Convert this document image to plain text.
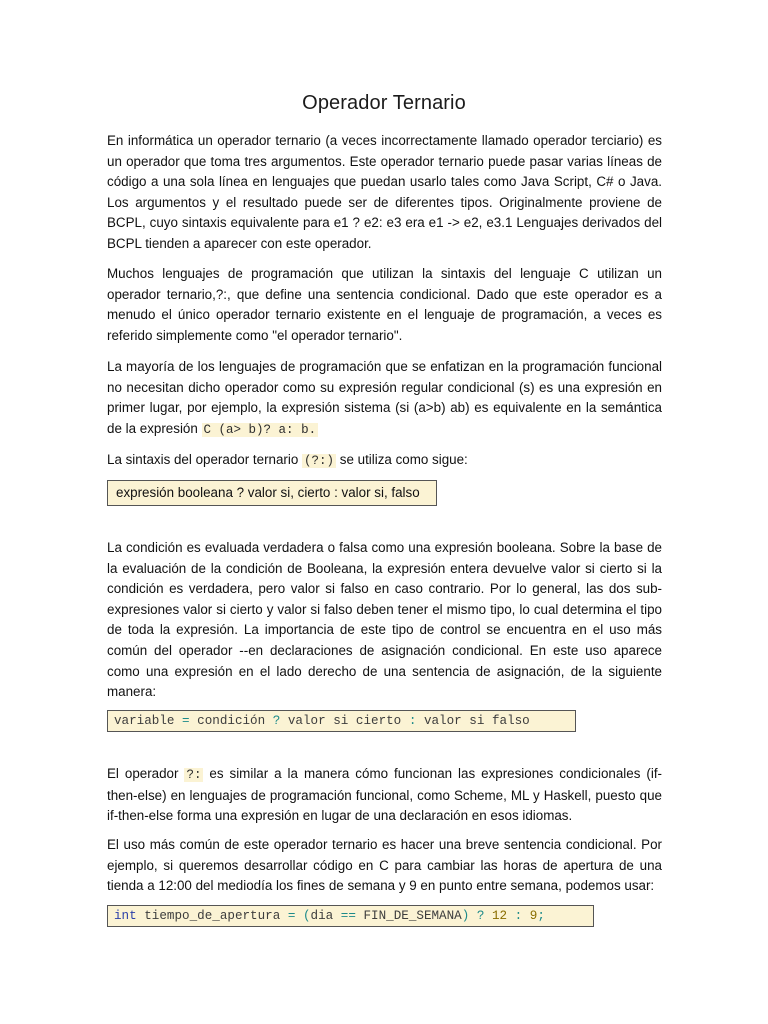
Operador Ternario

En informática un operador ternario (a veces incorrectamente llamado operador terciario) es un operador que toma tres argumentos. Este operador ternario puede pasar varias líneas de código a una sola línea en lenguajes que puedan usarlo tales como Java Script, C# o Java. Los argumentos y el resultado puede ser de diferentes tipos. Originalmente proviene de BCPL, cuyo sintaxis equivalente para e1 ? e2: e3 era e1 -> e2, e3.1 Lenguajes derivados del BCPL tienden a aparecer con este operador.

Muchos lenguajes de programación que utilizan la sintaxis del lenguaje C utilizan un operador ternario,?:, que define una sentencia condicional. Dado que este operador es a menudo el único operador ternario existente en el lenguaje de programación, a veces es referido simplemente como "el operador ternario".

La mayoría de los lenguajes de programación que se enfatizan en la programación funcional no necesitan dicho operador como su expresión regular condicional (s) es una expresión en primer lugar, por ejemplo, la expresión sistema (si (a>b) ab) es equivalente en la semántica de la expresión C (a> b)? a: b.

La sintaxis del operador ternario (?:) se utiliza como sigue:

expresión booleana ? valor si, cierto : valor si, falso

La condición es evaluada verdadera o falsa como una expresión booleana. Sobre la base de la evaluación de la condición de Booleana, la expresión entera devuelve valor si cierto si la condición es verdadera, pero valor si falso en caso contrario. Por lo general, las dos sub-expresiones valor si cierto y valor si falso deben tener el mismo tipo, lo cual determina el tipo de toda la expresión. La importancia de este tipo de control se encuentra en el uso más común del operador --en declaraciones de asignación condicional. En este uso aparece como una expresión en el lado derecho de una sentencia de asignación, de la siguiente manera:

variable = condición ? valor si cierto : valor si falso

El operador ?: es similar a la manera cómo funcionan las expresiones condicionales (if-then-else) en lenguajes de programación funcional, como Scheme, ML y Haskell, puesto que if-then-else forma una expresión en lugar de una declaración en esos idiomas.

El uso más común de este operador ternario es hacer una breve sentencia condicional. Por ejemplo, si queremos desarrollar código en C para cambiar las horas de apertura de una tienda a 12:00 del mediodía los fines de semana y 9 en punto entre semana, podemos usar:

int tiempo_de_apertura = (dia == FIN_DE_SEMANA) ? 12 : 9;
